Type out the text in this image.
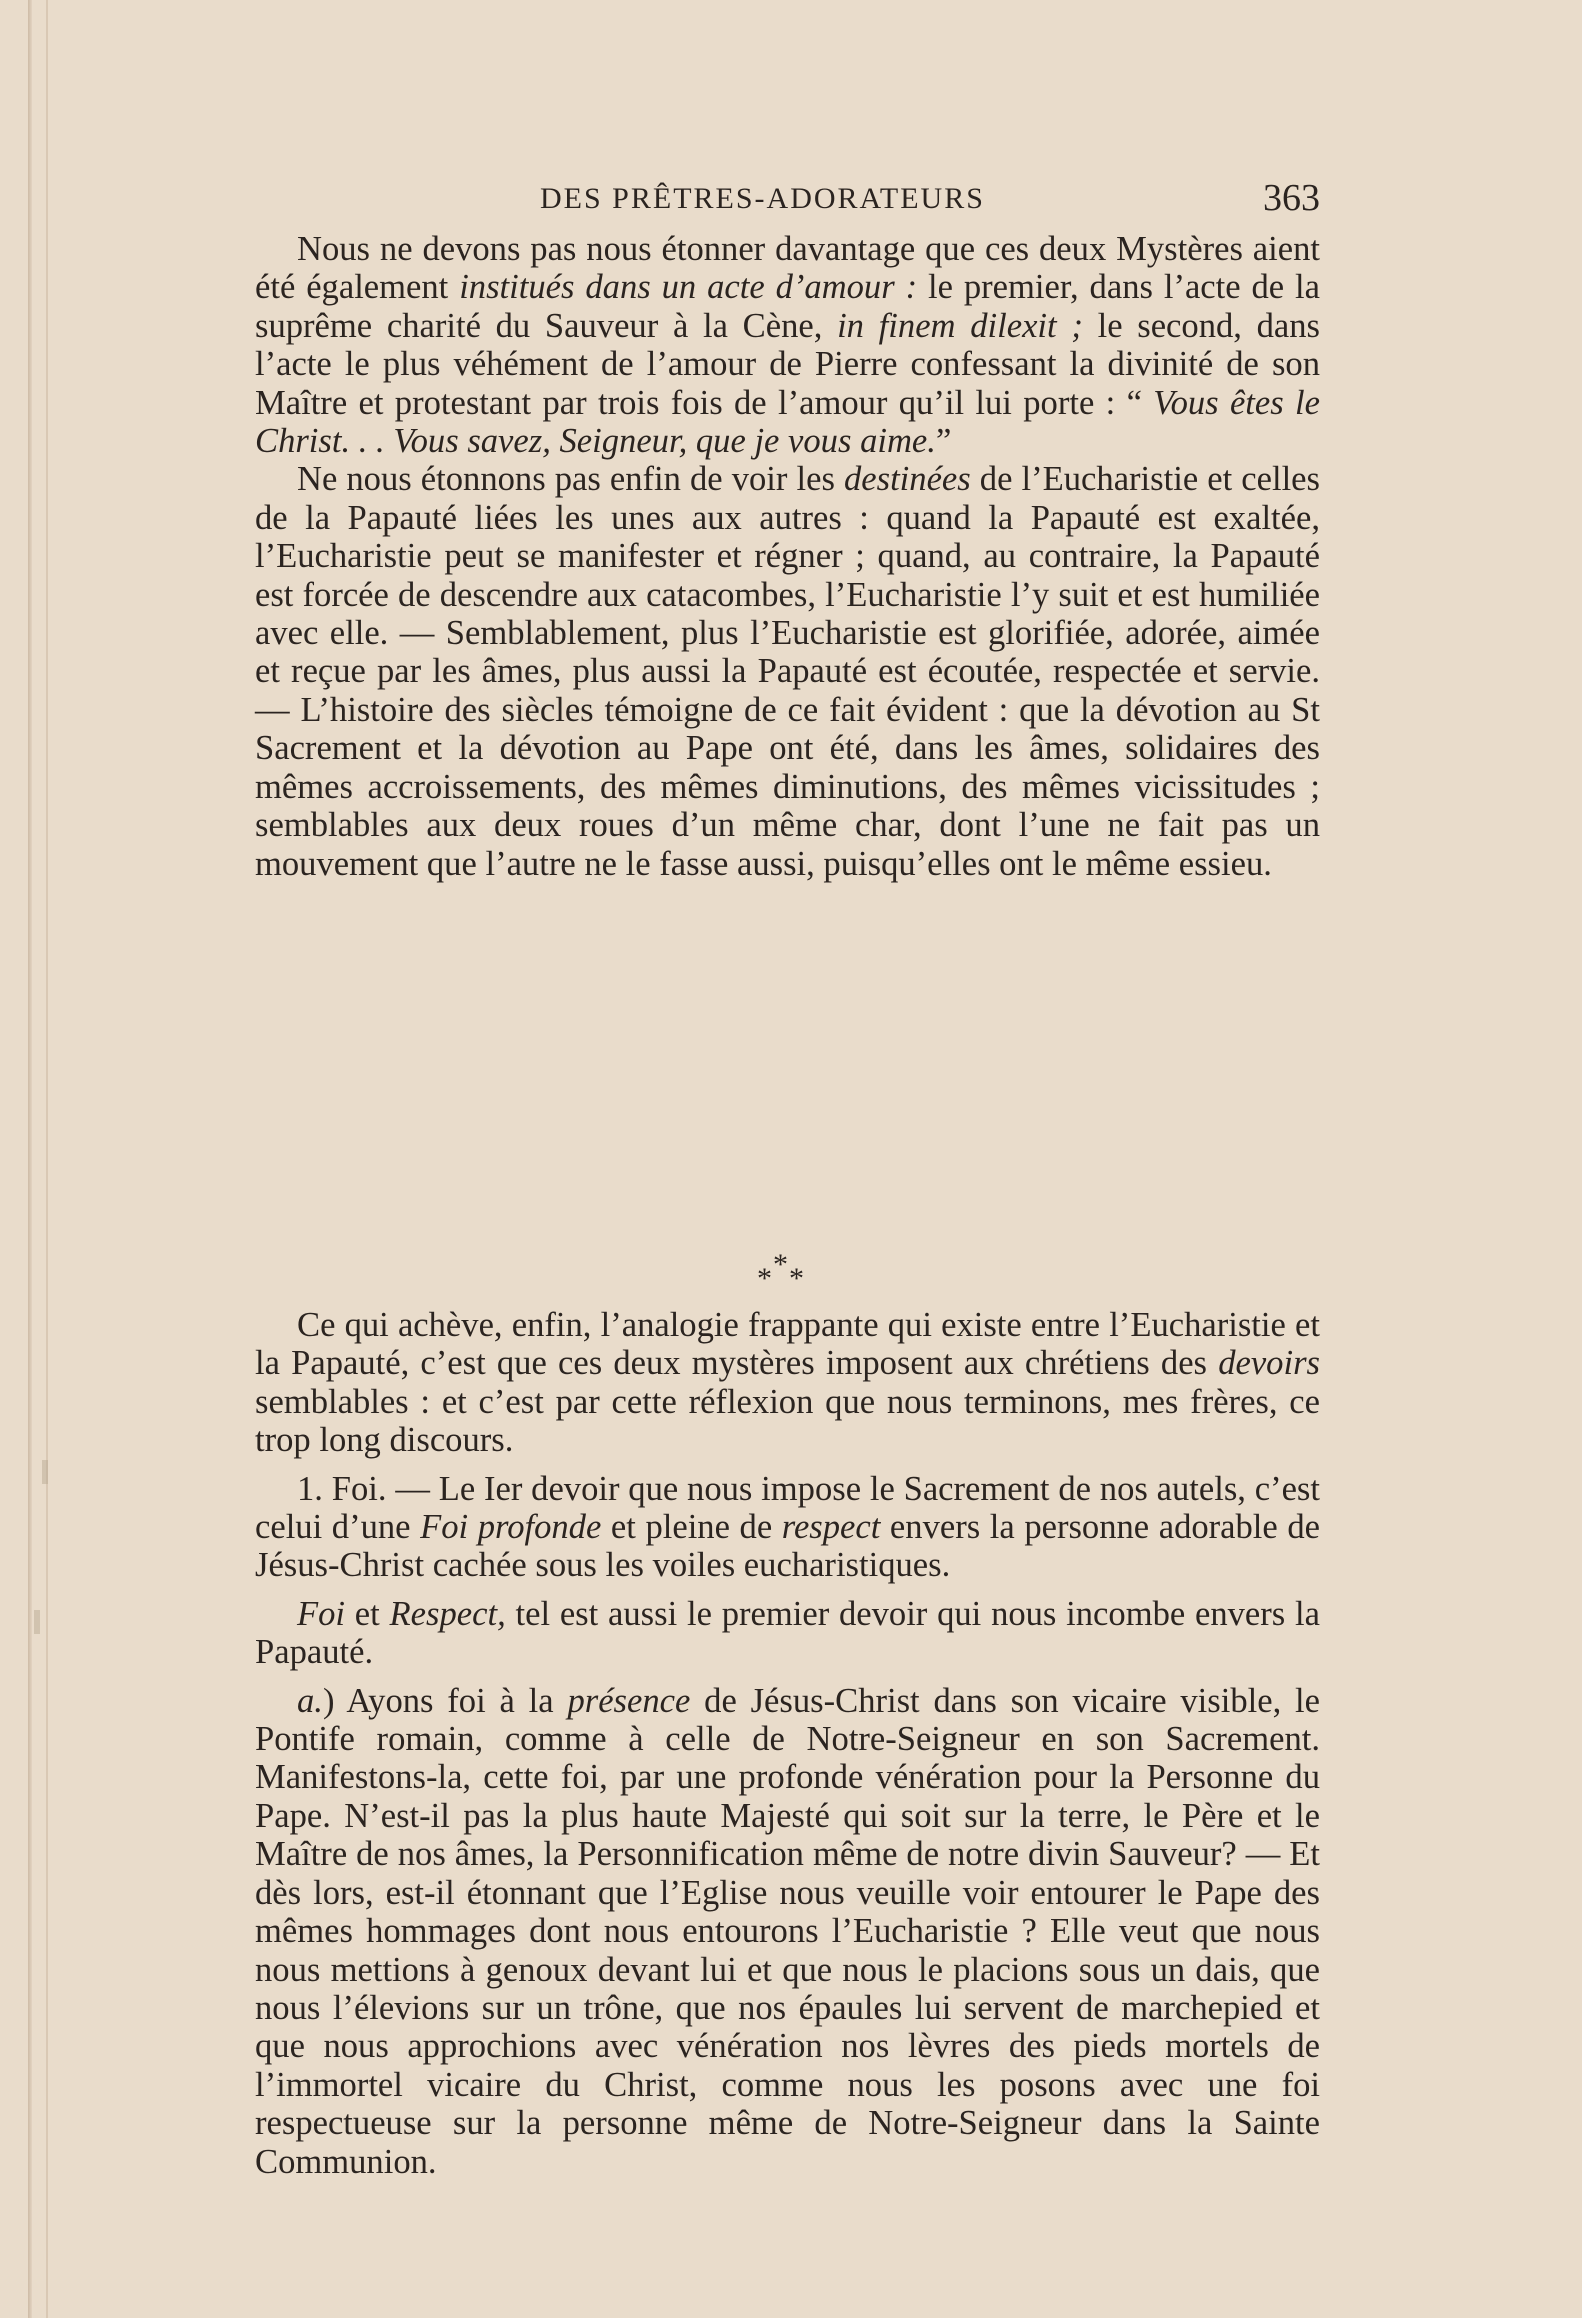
DES PRÊTRES-ADORATEURS	363

Nous ne devons pas nous étonner davantage que ces deux Mystères aient été également institués dans un acte d’amour : le premier, dans l’acte de la suprême charité du Sauveur à la Cène, in finem dilexit ; le second, dans l’acte le plus véhément de l’amour de Pierre confessant la divinité de son Maître et protestant par trois fois de l’amour qu’il lui porte : “ Vous êtes le Christ. . . Vous savez, Seigneur, que je vous aime.”

Ne nous étonnons pas enfin de voir les destinées de l’Eucharistie et celles de la Papauté liées les unes aux autres : quand la Papauté est exaltée, l’Eucharistie peut se manifester et régner ; quand, au contraire, la Papauté est forcée de descendre aux catacombes, l’Eucharistie l’y suit et est humiliée avec elle. — Semblablement, plus l’Eucharistie est glorifiée, adorée, aimée et reçue par les âmes, plus aussi la Papauté est écoutée, respectée et servie. — L’histoire des siècles témoigne de ce fait évident : que la dévotion au St Sacrement et la dévotion au Pape ont été, dans les âmes, solidaires des mêmes accroissements, des mêmes diminutions, des mêmes vicissitudes ; semblables aux deux roues d’un même char, dont l’une ne fait pas un mouvement que l’autre ne le fasse aussi, puisqu’elles ont le même essieu.

*
* *

Ce qui achève, enfin, l’analogie frappante qui existe entre l’Eucharistie et la Papauté, c’est que ces deux mystères imposent aux chrétiens des devoirs semblables : et c’est par cette réflexion que nous terminons, mes frères, ce trop long discours.

1. Foi. — Le Ier devoir que nous impose le Sacrement de nos autels, c’est celui d’une Foi profonde et pleine de respect envers la personne adorable de Jésus-Christ cachée sous les voiles eucharistiques.

Foi et Respect, tel est aussi le premier devoir qui nous incombe envers la Papauté.

a.) Ayons foi à la présence de Jésus-Christ dans son vicaire visible, le Pontife romain, comme à celle de Notre-Seigneur en son Sacrement. Manifestons-la, cette foi, par une profonde vénération pour la Personne du Pape. N’est-il pas la plus haute Majesté qui soit sur la terre, le Père et le Maître de nos âmes, la Personnification même de notre divin Sauveur? — Et dès lors, est-il étonnant que l’Eglise nous veuille voir entourer le Pape des mêmes hommages dont nous entourons l’Eucharistie ? Elle veut que nous nous mettions à genoux devant lui et que nous le placions sous un dais, que nous l’élevions sur un trône, que nos épaules lui servent de marchepied et que nous approchions avec vénération nos lèvres des pieds mortels de l’immortel vicaire du Christ, comme nous les posons avec une foi respectueuse sur la personne même de Notre-Seigneur dans la Sainte Communion.
